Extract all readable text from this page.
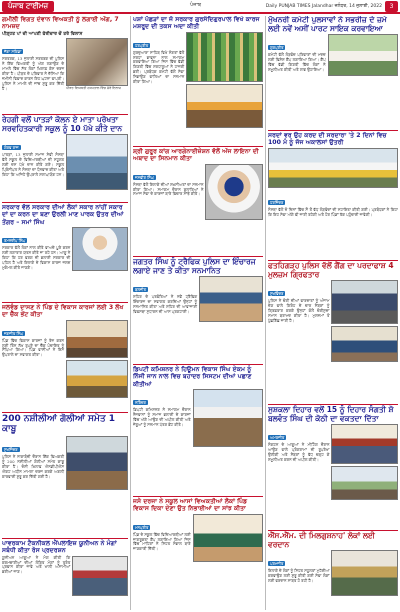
ਪੰਜਾਬ ਟਾਈਮਜ਼	ਪੰਜਾਬ	Daily PUNJAB TIMES Jalandhar ਜਲੰਧਰ, 14 ਜੁਲਾਈ, 2022	3
ਗਮੀਲੀ ਵਿਗਤ ਦੇਵਾਨ ਵਿਅਕਤੀ ਨੂੰ ਲਗਾਈ ਅੱਗ, 7 ਨਾਮਜ਼ਦ
ਪੀੜ੍ਹਤ ਪਾਂ ਦੀ ਆਪਣੀ ਫੇਰੀਦਾਰ ਚੋਂ ਤਰੇ ਵਿਲਾਸ
ਜੱਗਾ ਸਕਿਡਾ
ਸਰਤਰਕ, 13 ਜੁਲਾਈ ਸਰਤਰਕ ਦੀ ਪੁਲਿਸ ਨੇ ਇੱਕ ਵਿਅਕਤੀ ਨੂੰ ਅੱਗ ਲਗਾਉਣ ਦੇ ਮਾਮਲੇ ਵਿੱਚ ਸੱਤ ਲੋਕਾਂ ਖ਼ਿਲਾਫ਼ ਕੇਸ ਦਰਜ ਕੀਤਾ ਹੈ। ਪੀੜਤ ਦੇ ਪਰਿਵਾਰ ਨੇ ਦੱਸਿਆ ਕਿ ਜ਼ਮੀਨੀ ਵਿਵਾਦ ਕਾਰਨ ਇਹ ਘਟਨਾ ਵਾਪਰੀ। ਪੁਲਿਸ ਨੇ ਮਾਮਲੇ ਦੀ ਜਾਂਚ ਸ਼ੁਰੂ ਕਰ ਦਿੱਤੀ ਹੈ।	ਪੀੜਤ ਵਿਅਕਤੀ ਹਸਪਤਾਲ ਵਿੱਚ ਜ਼ੇਰੇ ਇਲਾਜ
ਰੇਹਗੀ ਵਲੋਂ ਪਾਤੜਾਂ ਕੋਲਨ ਏ ਮਾਤਾ ਪ੍ਰੋਖਤਾ ਸਰਵਹਿਤਕਾਰੀ ਸਕੂਲ ਨੂੰ 10 ਪੱਖੇ ਕੀਤੇ ਦਾਨ
ਗੋਰਵ ਰਾਜ
ਪਾਤੜਾਂ, 13 ਜੁਲਾਈ ਸਮਾਜ ਸੇਵੀ ਸੰਸਥਾ ਵੱਲੋਂ ਸਕੂਲ ਦੇ ਵਿਦਿਆਰਥੀਆਂ ਦੀ ਸਹੂਲਤ ਲਈ ਦਸ ਪੱਖੇ ਦਾਨ ਕੀਤੇ ਗਏ। ਸਕੂਲ ਪ੍ਰਿੰਸੀਪਲ ਨੇ ਸੰਸਥਾ ਦਾ ਧੰਨਵਾਦ ਕੀਤਾ ਅਤੇ ਕਿਹਾ ਕਿ ਅਜਿਹੇ ਉਪਰਾਲੇ ਸ਼ਲਾਘਾਯੋਗ ਹਨ।
ਸਰਕਾਰ ਵੱਲ ਸਰਕਾਰ ਦੀਆਂ ਲੋਕਾਂ ਸਕਾਰ ਨਾਂਹੀਂ ਸਕਾਰ ਦਾਂ ਦਾ ਕਰਨ ਦਾ ਬਣਾ ਉਰਲੀ ਮਾਣ ਪਾਰਕ ਉਤਰ ਦੀਆਂ ਤੋਂਗਰ – ਸਮਾਂ ਸਿੰਘ
ਰਮਨਦੀਪ ਸਿੰਘ
ਸਰਕਾਰ ਵੱਲੋਂ ਲੋਕਾਂ ਨਾਲ ਕੀਤੇ ਵਾਅਦੇ ਪੂਰੇ ਕਰਨ ਲਈ ਲਗਾਤਾਰ ਯਤਨ ਕੀਤੇ ਜਾ ਰਹੇ ਹਨ। ਆਗੂ ਨੇ ਕਿਹਾ ਕਿ ਹਰ ਵਰਗ ਦੀ ਭਲਾਈ ਸਰਕਾਰ ਦੀ ਪਹਿਲ ਹੈ ਅਤੇ ਇਲਾਕੇ ਦੇ ਵਿਕਾਸ ਕਾਰਜ ਜਲਦ ਮੁਕੰਮਲ ਕੀਤੇ ਜਾਣਗੇ।
ਜਲਵੰਡ ਦਾਸਣ ਨੇ ਪਿੰਡ ਦੇ ਵਿਕਾਸ ਕਾਰਜਾਂ ਲਈ 3 ਲੱਖ ਦਾ ਚੈੱਕ ਭੇਂਟ ਕੀਤਾ
ਜਗਜੀਤ ਸਿੰਘ
ਪਿੰਡ ਵਿੱਚ ਵਿਕਾਸ ਕਾਰਜਾਂ ਨੂੰ ਤੇਜ਼ ਕਰਨ ਲਈ ਤਿੰਨ ਲੱਖ ਰੁਪਏ ਦਾ ਚੈੱਕ ਪੰਚਾਇਤ ਨੂੰ ਸੌਂਪਿਆ ਗਿਆ। ਪਿੰਡ ਵਾਸੀਆਂ ਨੇ ਇਸ ਉਪਰਾਲੇ ਦਾ ਸਵਾਗਤ ਕੀਤਾ।
200 ਨਸ਼ੀਲੀਆਂ ਗੋਲੀਆਂ ਸਮੇਤ 1 ਕਾਬੂ
ਸੁਖਜਿੰਦਰ
ਪੁਲਿਸ ਨੇ ਨਾਕਾਬੰਦੀ ਦੌਰਾਨ ਇੱਕ ਵਿਅਕਤੀ ਨੂੰ 200 ਨਸ਼ੀਲੀਆਂ ਗੋਲੀਆਂ ਸਮੇਤ ਕਾਬੂ ਕੀਤਾ ਹੈ। ਦੋਸ਼ੀ ਖ਼ਿਲਾਫ਼ ਐਨਡੀਪੀਐਸ ਐਕਟ ਅਧੀਨ ਮਾਮਲਾ ਦਰਜ ਕਰਕੇ ਅਗਲੀ ਕਾਰਵਾਈ ਸ਼ੁਰੂ ਕਰ ਦਿੱਤੀ ਗਈ ਹੈ।
ਪਾਵਰਕਾਮ ਟੈਕਨੀਕਲ ਐਂਪਲਾਇਜ਼ ਯੂਨੀਅਨ ਨੇ ਮੰਗਾਂ ਸਬੰਧੀ ਕੀਤਾ ਰੋਸ ਪ੍ਰਦਰਸ਼ਨ
ਯੂਨੀਅਨ ਆਗੂਆਂ ਨੇ ਮੰਗ ਕੀਤੀ ਕਿ ਕਰਮਚਾਰੀਆਂ ਦੀਆਂ ਲੰਬਿਤ ਮੰਗਾਂ ਨੂੰ ਤੁਰੰਤ ਪ੍ਰਵਾਨ ਕੀਤਾ ਜਾਵੇ ਅਤੇ ਖਾਲੀ ਅਸਾਮੀਆਂ ਭਰੀਆਂ ਜਾਣ।
ਪਸ਼ਾਂ ਪੱਛੜਾਂ ਦਾ ਜੋ ਸਰਕਾਰ ਗੁਰਸੰਦਿਗੁਰਪਾਲ ਵਿਖੇ ਕਾਰਜ ਮਸ਼ਰੂਦ ਦੀ ਤਕਸ ਅਦਾ ਕੀਤੀ
ਹਰਪ੍ਰੀਤ
ਗੁਰਦੁਆਰਾ ਸਾਹਿਬ ਵਿਖੇ ਸੰਗਤਾਂ ਵੱਲੋਂ ਸ਼ਰਧਾ ਭਾਵਨਾ ਨਾਲ ਸਮਾਗਮ ਕਰਵਾਇਆ ਗਿਆ ਜਿਸ ਵਿੱਚ ਵੱਡੀ ਗਿਣਤੀ ਵਿੱਚ ਸ਼ਰਧਾਲੂਆਂ ਨੇ ਹਾਜ਼ਰੀ ਭਰੀ। ਪ੍ਰਬੰਧਕ ਕਮੇਟੀ ਵੱਲੋਂ ਸੇਵਾ ਨਿਭਾਉਣ ਵਾਲਿਆਂ ਦਾ ਸਨਮਾਨ ਕੀਤਾ ਗਿਆ।
ਸ਼੍ਰੀ ਗੁਰੂਰ ਕਾਂਗ ਆਰਗੇਨਾਈਜ਼ੇਸ਼ਨ ਵੱਲੋਂ ਅੱਜ ਲਾਇਨਾ ਦੀ ਅਬਾਦ ਦਾ ਸਿਨਮਾਨ ਕੀਤਾ
ਜਸਵੀਰ ਸਿੰਘ
ਸੰਸਥਾ ਵੱਲੋਂ ਇਲਾਕੇ ਦੀਆਂ ਸ਼ਖ਼ਸੀਅਤਾਂ ਦਾ ਸਨਮਾਨ ਕੀਤਾ ਗਿਆ। ਸਮਾਗਮ ਦੌਰਾਨ ਬੁਲਾਰਿਆਂ ਨੇ ਸਮਾਜ ਸੇਵਾ ਦੇ ਕਾਰਜਾਂ ਬਾਰੇ ਵਿਚਾਰ ਸਾਂਝੇ ਕੀਤੇ।
ਜਗਤਰ ਸਿੰਘ ਨੂੰ ਟ੍ਰੈਫਿਕ ਪੁਲਿਸ ਦਾ ਇੰਚਾਰਜ ਲਗਾਏ ਜਾਣ ਤੇ ਕੀਤਾ ਸਨਮਾਨਿਤ
ਬਲਜੀਤ
ਸ਼ਹਿਰ ਦੇ ਪਤਵੰਤਿਆਂ ਨੇ ਨਵੇਂ ਟ੍ਰੈਫਿਕ ਇੰਚਾਰਜ ਦਾ ਸਵਾਗਤ ਕਰਦਿਆਂ ਉਨ੍ਹਾਂ ਨੂੰ ਸਨਮਾਨਿਤ ਕੀਤਾ ਅਤੇ ਸ਼ਹਿਰ ਦੀ ਆਵਾਜਾਈ ਵਿਵਸਥਾ ਸੁਧਾਰਨ ਦੀ ਆਸ ਪ੍ਰਗਟਾਈ।
ਡਿਪਟੀ ਕਮਿਸ਼ਨਰ ਨੇ ਹਿਊਮਨ ਵਿਕਾਸ ਸਿੰਘ ਏਕਮ ਨੂੰ ਨਿੱਜੀ ਜਾਨ ਨਾਲ ਵਿਚ ਬਹਾਦਰ ਸਿਸਟਮ ਦੀਆਂ ਪਛਾਣ ਕੀਤੀਆਂ
ਨਰਿੰਦਰ
ਡਿਪਟੀ ਕਮਿਸ਼ਨਰ ਨੇ ਸਮਾਗਮ ਦੌਰਾਨ ਨੌਜਵਾਨਾਂ ਨੂੰ ਸਮਾਜ ਭਲਾਈ ਦੇ ਕਾਰਜਾਂ ਵਿੱਚ ਅੱਗੇ ਆਉਣ ਦੀ ਅਪੀਲ ਕੀਤੀ ਅਤੇ ਜੇਤੂਆਂ ਨੂੰ ਸਨਮਾਨ ਪੱਤਰ ਭੇਂਟ ਕੀਤੇ।
ਜਸੋ ਦਰਜਾ ਨੇ ਸਕੂਲ ਆਸਾਂ ਵਿਅਕਤੀਆਂ ਲੋਕਾਂ ਪਿੰਡ ਵਿਕਾਸ ਦਿਕਾ ਦੇਣਾ ਉਤ ਨਿਭਾਈਆਂ ਦਾ ਸਾਂਝ ਕੀਤਾ
ਮਨਪ੍ਰੀਤ
ਪਿੰਡ ਦੇ ਸਕੂਲ ਵਿੱਚ ਵਿਦਿਆਰਥੀਆਂ ਲਈ ਜਾਗਰੂਕਤਾ ਕੈਂਪ ਲਗਾਇਆ ਗਿਆ ਜਿਸ ਵਿੱਚ ਮਾਹਿਰਾਂ ਨੇ ਸਿਹਤ ਸੰਭਾਲ ਬਾਰੇ ਜਾਣਕਾਰੀ ਦਿੱਤੀ।
ਮੁੱਖਨਰੀ ਕਮੇਟੀ ਪੁਲਸਾਵਾਂ ਨੇ ਸਭਰੀਜ਼ ਦੇ ਜ਼ਮੇ ਲਈ ਨਵੇਂ ਅਸੀਂ ਪਾਰਟ ਸਾਇਕ ਕਰਵਾਇਆ
ਗੁਰਪ੍ਰੀਤ
ਕਮੇਟੀ ਵੱਲੋਂ ਲੋੜਵੰਦ ਪਰਿਵਾਰਾਂ ਦੀ ਮਦਦ ਲਈ ਵਿਸ਼ੇਸ਼ ਕੈਂਪ ਲਗਾਇਆ ਗਿਆ। ਕੈਂਪ ਵਿੱਚ ਵੱਡੀ ਗਿਣਤੀ ਵਿੱਚ ਲੋਕਾਂ ਨੇ ਸ਼ਮੂਲੀਅਤ ਕੀਤੀ ਅਤੇ ਲਾਭ ਉਠਾਇਆ।
ਸਰਦਾਂ ਵਰ ਉਹ ਕਰਦ ਦੀ ਸਰਦਾਰਾ 'ਤੇ 2 ਦਿਨਾਂ ਵਿਚ 100 ਮੰ ਨੂੰ ਜੱਜ ਅਕਾਲਸਾਂ ਉਤਰੀ
ਹਰਜਿੰਦਰ
ਸੰਸਥਾ ਵੱਲੋਂ ਦੋ ਦਿਨਾਂ ਵਿੱਚ ਸੌ ਤੋਂ ਵੱਧ ਲੋੜਵੰਦਾਂ ਦੀ ਸਹਾਇਤਾ ਕੀਤੀ ਗਈ। ਪ੍ਰਬੰਧਕਾਂ ਨੇ ਕਿਹਾ ਕਿ ਇਹ ਸੇਵਾ ਅੱਗੇ ਵੀ ਜਾਰੀ ਰਹੇਗੀ ਅਤੇ ਹੋਰ ਪਿੰਡਾਂ ਤੱਕ ਪਹੁੰਚਾਈ ਜਾਵੇਗੀ।
ਫਤਹਿਗੜ੍ਹ ਪੁਲਿਸ ਵੱਲੋਂ ਗੈਂਗ ਦਾ ਪਰਦਾਫਾਸ਼ 4 ਮੁਲਜ਼ਮ ਗ੍ਰਿਫਤਾਰ
ਸੁਖਵਿੰਦਰ
ਪੁਲਿਸ ਨੇ ਚੋਰੀ ਦੀਆਂ ਵਾਰਦਾਤਾਂ ਨੂੰ ਅੰਜਾਮ ਦੇਣ ਵਾਲੇ ਗਿਰੋਹ ਦੇ ਚਾਰ ਮੈਂਬਰਾਂ ਨੂੰ ਗ੍ਰਿਫ਼ਤਾਰ ਕਰਕੇ ਉਨ੍ਹਾਂ ਕੋਲੋਂ ਚੋਰੀਸ਼ੁਦਾ ਸਮਾਨ ਬਰਾਮਦ ਕੀਤਾ ਹੈ। ਮੁਲਜ਼ਮਾਂ ਤੋਂ ਪੁੱਛਗਿੱਛ ਜਾਰੀ ਹੈ।
ਸੁਸ਼ਕਲਾ ਦਿਹਾਰ ਵਲੋਂ 15 ਨੂੰ ਦਿਹਾਰ ਸੰਗਤੀ ਸ਼ੋ ਬਲਵੰਤ ਸਿੰਘ ਦੀ ਕੋਠੀ ਦਾ ਵਕਤਦਾ ਦਿੱਤਾ
ਅਮਰਜੀਤ
ਸੰਗਠਨ ਦੇ ਆਗੂਆਂ ਨੇ ਮੀਟਿੰਗ ਦੌਰਾਨ ਆਉਣ ਵਾਲੇ ਪ੍ਰੋਗਰਾਮਾਂ ਦੀ ਰੂਪਰੇਖਾ ਉਲੀਕੀ ਅਤੇ ਮੈਂਬਰਾਂ ਨੂੰ ਵੱਧ ਚੜ੍ਹ ਕੇ ਸ਼ਮੂਲੀਅਤ ਕਰਨ ਦੀ ਅਪੀਲ ਕੀਤੀ।
ਐੱਸ.ਐੱਮ. ਦੀ ਮਿਲਗੁਸ਼ਨਾਹ' ਲੋਕਾਂ ਲਈ ਵਰਦਾਨ
ਪਰਮਜੀਤ
ਇਲਾਕੇ ਦੇ ਲੋਕਾਂ ਨੂੰ ਸਿਹਤ ਸਹੂਲਤਾਂ ਮੁਹੱਈਆ ਕਰਵਾਉਣ ਲਈ ਸ਼ੁਰੂ ਕੀਤੀ ਗਈ ਸੇਵਾ ਲੋਕਾਂ ਲਈ ਵਰਦਾਨ ਸਾਬਤ ਹੋ ਰਹੀ ਹੈ।
